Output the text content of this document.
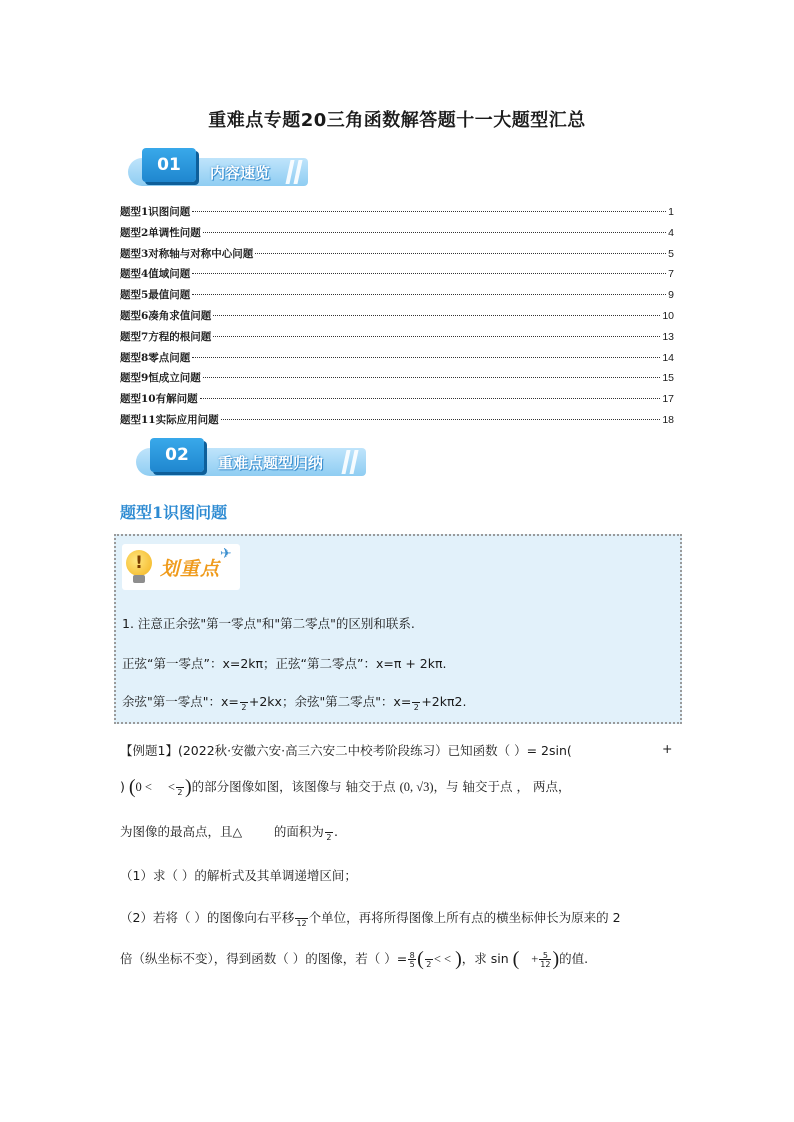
重难点专题20三角函数解答题十一大题型汇总
01	内容速览
题型1识图问题	1
题型2单调性问题	4
题型3对称轴与对称中心问题	5
题型4值域问题	7
题型5最值问题	9
题型6凑角求值问题	10
题型7方程的根问题	13
题型8零点问题	14
题型9恒成立问题	15
题型10有解问题	17
题型11实际应用问题	18
02	重难点题型归纳
题型1识图问题
! 划重点
✈
1. 注意正余弦"第一零点"和"第二零点"的区别和联系.
正弦“第一零点”：x=2kπ；正弦“第二零点”：x=π + 2kπ.
余弦"第一零点"：x= 2 +2kx；余弦"第二零点"：x= 2 +2kπ2.
【例题1】(2022秋·安徽六安·高三六安二中校考阶段练习）已知函数（ ）= 2sin(	+
) (0 < < 2 )的部分图像如图，该图像与 轴交于点 (0, √3)，与 轴交于点 ， 两点，
为图像的最高点，且△	的面积为 2 .
（1）求（ ）的解析式及其单调递增区间；
（2）若将（ ）的图像向右平移 12 个单位，再将所得图像上所有点的横坐标伸长为原来的 2
倍（纵坐标不变），得到函数（ ）的图像，若（ ）= $\frac{8}{5}$ ( 2 < < )，求 sin ( + $\frac{5}{12}$ )的值.
